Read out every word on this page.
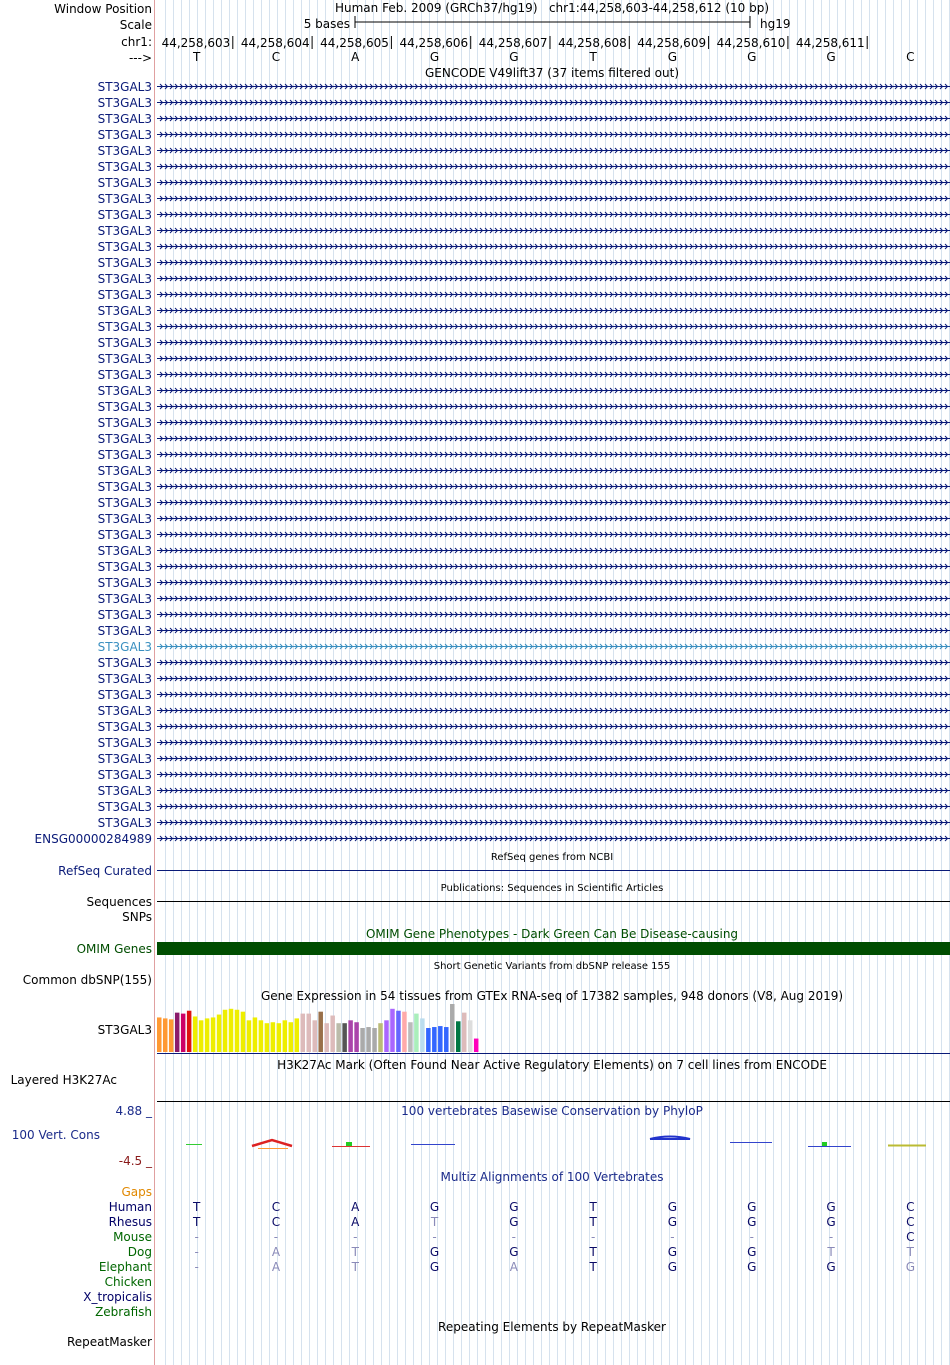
Window Position	Human Feb. 2009 (GRCh37/hg19)   chr1:44,258,603-44,258,612 (10 bp)
Scale	5 bases	hg19
chr1: 44,258,603 44,258,604 44,258,605 44,258,606 44,258,607 44,258,608 44,258,609 44,258,610 44,258,611
--->	T	C	A	G	G	T	G	G	G	C
GENCODE V49lift37 (37 items filtered out)
ST3GAL3
ST3GAL3
ST3GAL3
ST3GAL3
ST3GAL3
ST3GAL3
ST3GAL3
ST3GAL3
ST3GAL3
ST3GAL3
ST3GAL3
ST3GAL3
ST3GAL3
ST3GAL3
ST3GAL3
ST3GAL3
ST3GAL3
ST3GAL3
ST3GAL3
ST3GAL3
ST3GAL3
ST3GAL3
ST3GAL3
ST3GAL3
ST3GAL3
ST3GAL3
ST3GAL3
ST3GAL3
ST3GAL3
ST3GAL3
ST3GAL3
ST3GAL3
ST3GAL3
ST3GAL3
ST3GAL3
ST3GAL3
ST3GAL3
ST3GAL3
ST3GAL3
ST3GAL3
ST3GAL3
ST3GAL3
ST3GAL3
ST3GAL3
ST3GAL3
ST3GAL3
ST3GAL3
ENSG00000284989
RefSeq genes from NCBI
RefSeq Curated
Publications: Sequences in Scientific Articles
Sequences
SNPs
OMIM Gene Phenotypes - Dark Green Can Be Disease-causing
OMIM Genes
Short Genetic Variants from dbSNP release 155
Common dbSNP(155)
Gene Expression in 54 tissues from GTEx RNA-seq of 17382 samples, 948 donors (V8, Aug 2019)
ST3GAL3
H3K27Ac Mark (Often Found Near Active Regulatory Elements) on 7 cell lines from ENCODE
Layered H3K27Ac
100 vertebrates Basewise Conservation by PhyloP
4.88 _
100 Vert. Cons
-4.5 _
Multiz Alignments of 100 Vertebrates
Gaps
Human	T	C	A	G	G	T	G	G	G	C
Rhesus	T	C	A	T	G	T	G	G	G	C
Mouse	-	-	-	-	-	-	-	-	-	C
Dog	-	A	T	G	G	T	G	G	T	T
Elephant	-	A	T	G	A	T	G	G	G	G
Chicken
X_tropicalis
Zebrafish
Repeating Elements by RepeatMasker
RepeatMasker
